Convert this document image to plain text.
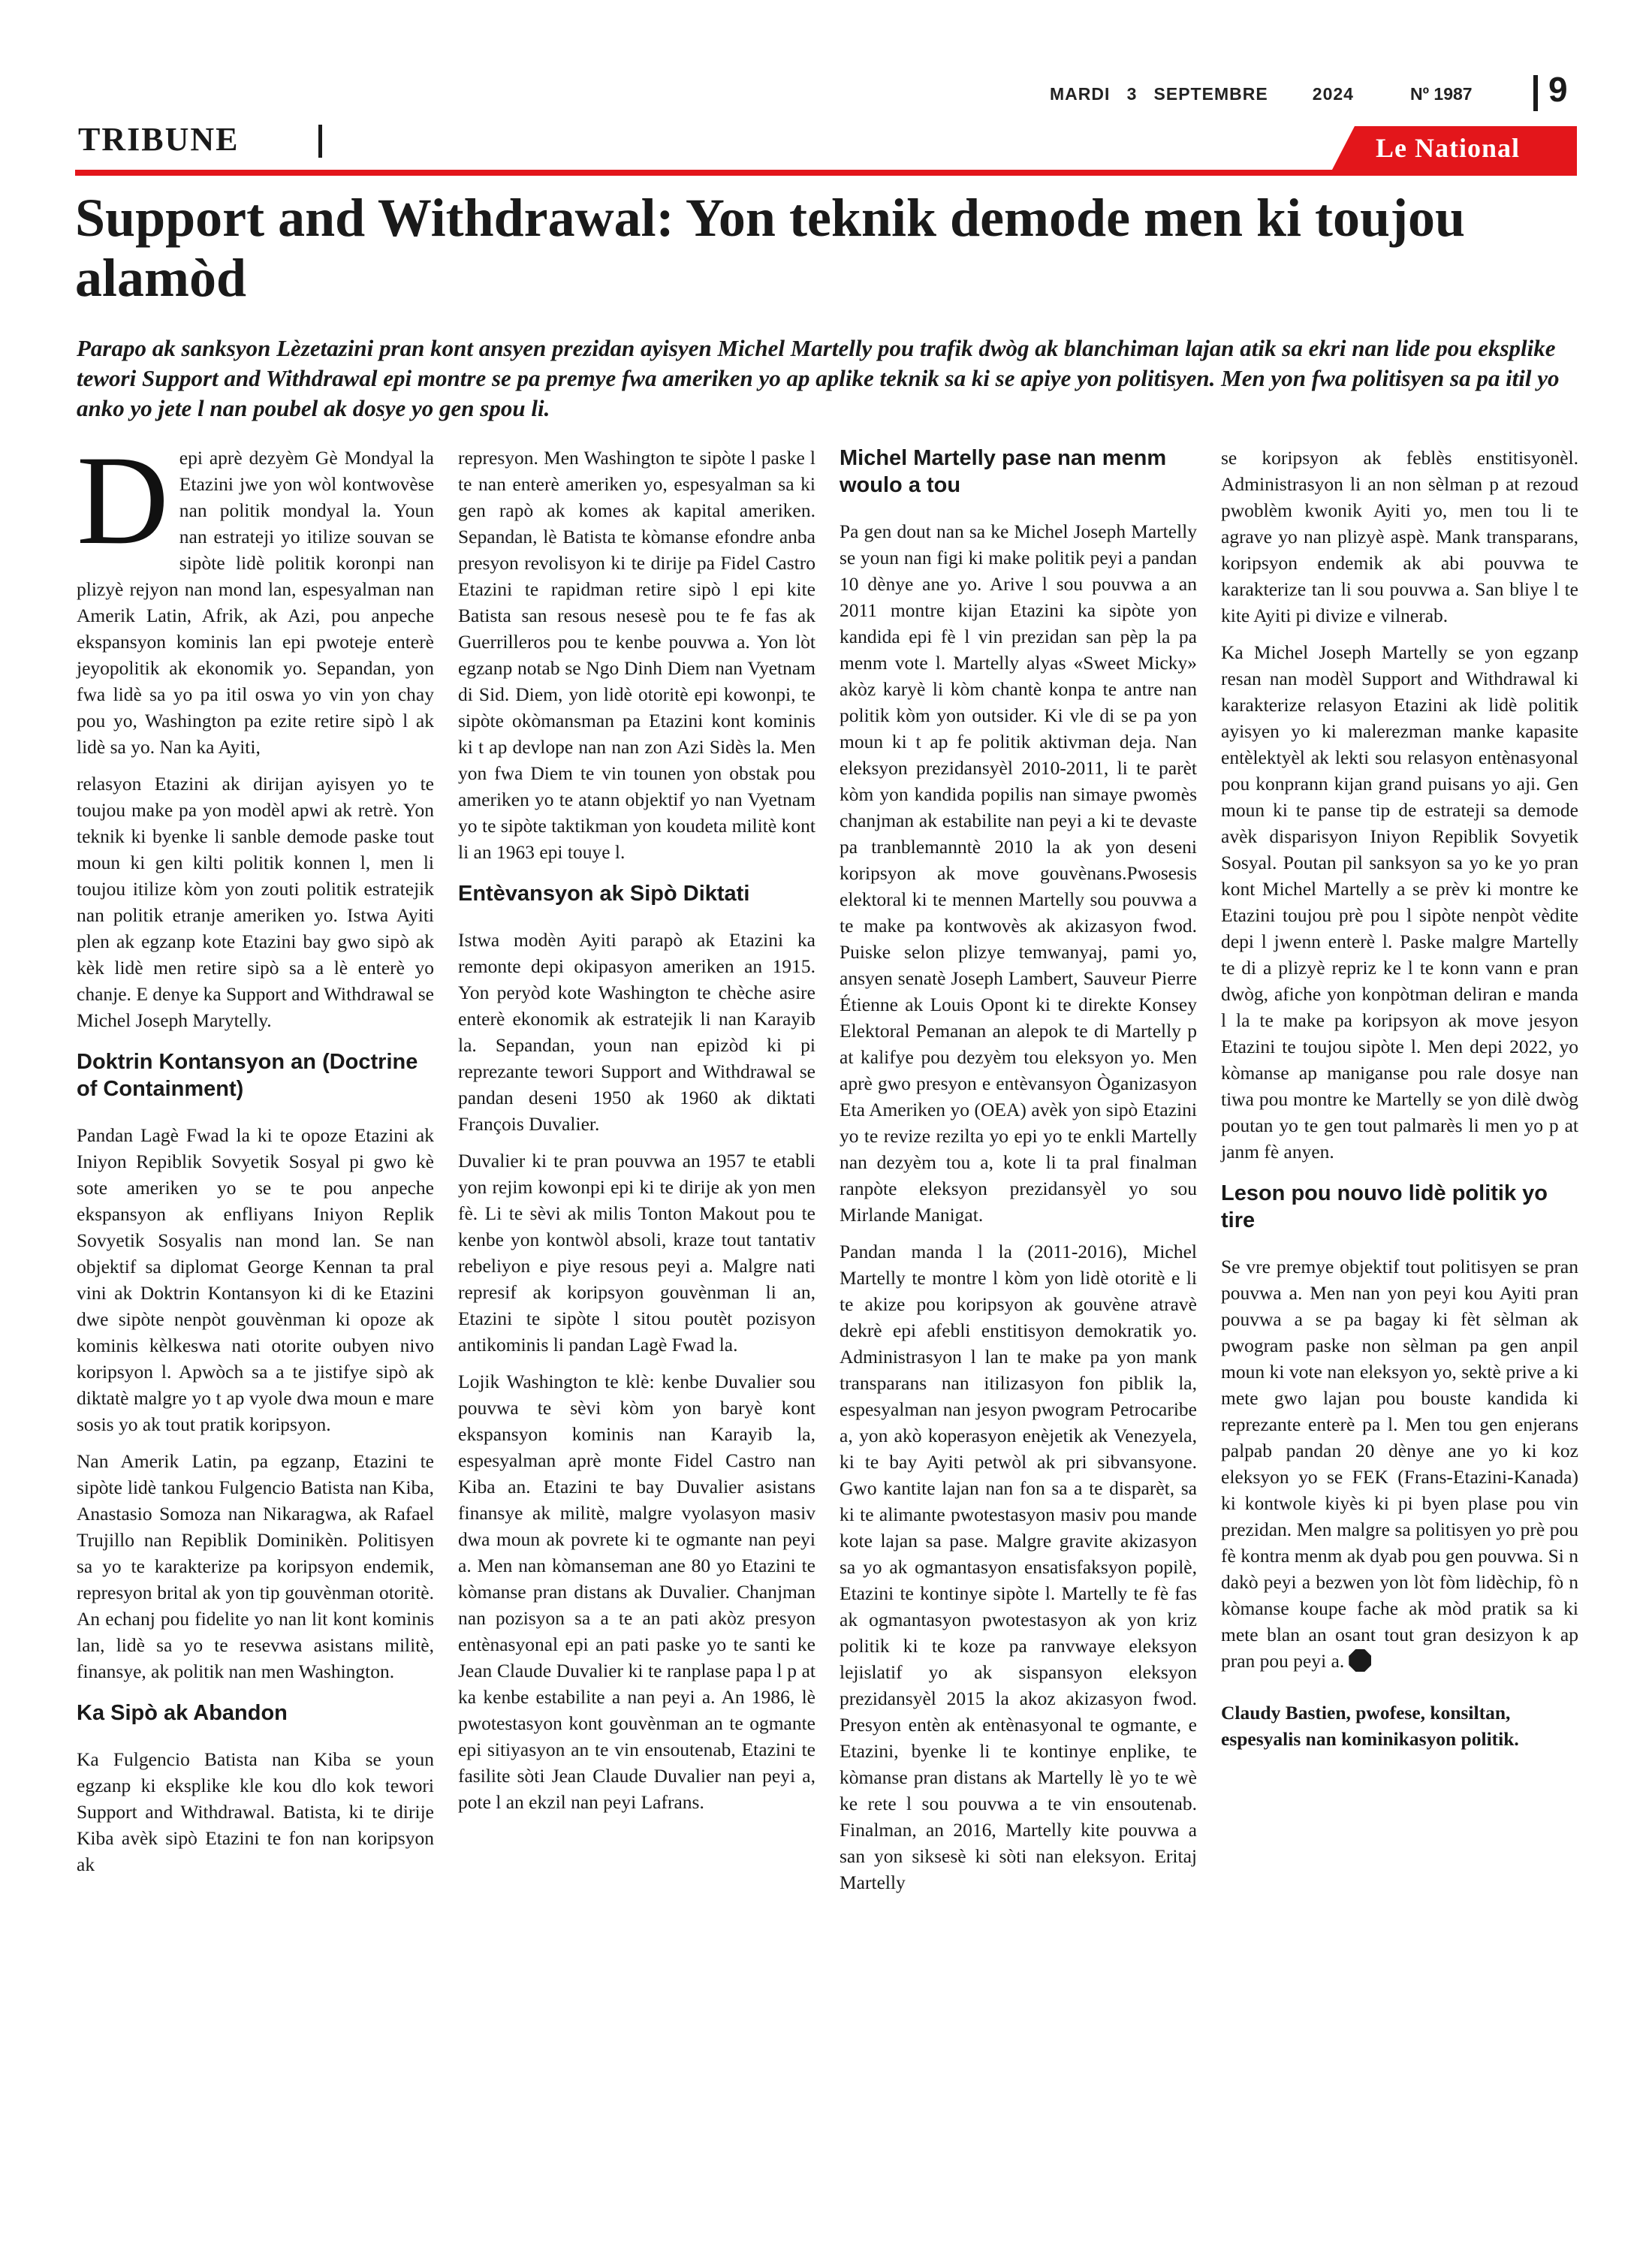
MARDI 3 SEPTEMBRE	2024	Nº 1987 9
TRIBUNE	Le National
Support and Withdrawal: Yon teknik demode men ki toujou alamòd

Parapo ak sanksyon Lèzetazini pran kont ansyen prezidan ayisyen Michel Martelly pou trafik dwòg ak blanchiman lajan atik sa ekri nan lide pou eksplike tewori Support and Withdrawal epi montre se pa premye fwa ameriken yo ap aplike teknik sa ki se apiye yon politisyen. Men yon fwa politisyen sa pa itil yo anko yo jete l nan poubel ak dosye yo gen spou li.

Depi aprè dezyèm Gè Mondyal la Etazini jwe yon wòl kontwovèse nan politik mondyal la. Youn nan estrateji yo itilize souvan se sipòte lidè politik koronpi nan plizyè rejyon nan mond lan, espesyalman nan Amerik Latin, Afrik, ak Azi, pou anpeche ekspansyon kominis lan epi pwoteje enterè jeyopolitik ak ekonomik yo. Sepandan, yon fwa lidè sa yo pa itil oswa yo vin yon chay pou yo, Washington pa ezite retire sipò l ak lidè sa yo. Nan ka Ayiti,

relasyon Etazini ak dirijan ayisyen yo te toujou make pa yon modèl apwi ak retrè. Yon teknik ki byenke li sanble demode paske tout moun ki gen kilti politik konnen l, men li toujou itilize kòm yon zouti politik estratejik nan politik etranje ameriken yo. Istwa Ayiti plen ak egzanp kote Etazini bay gwo sipò ak kèk lidè men retire sipò sa a lè enterè yo chanje. E denye ka Support and Withdrawal se Michel Joseph Marytelly.

Doktrin Kontansyon an (Doctrine of Containment)

Pandan Lagè Fwad la ki te opoze Etazini ak Iniyon Repiblik Sovyetik Sosyal pi gwo kè sote ameriken yo se te pou anpeche ekspansyon ak enfliyans Iniyon Replik Sovyetik Sosyalis nan mond lan. Se nan objektif sa diplomat George Kennan ta pral vini ak Doktrin Kontansyon ki di ke Etazini dwe sipòte nenpòt gouvènman ki opoze ak kominis kèlkeswa nati otorite oubyen nivo koripsyon l. Apwòch sa a te jistifye sipò ak diktatè malgre yo t ap vyole dwa moun e mare sosis yo ak tout pratik koripsyon.

Nan Amerik Latin, pa egzanp, Etazini te sipòte lidè tankou Fulgencio Batista nan Kiba, Anastasio Somoza nan Nikaragwa, ak Rafael Trujillo nan Repiblik Dominikèn. Politisyen sa yo te karakterize pa koripsyon endemik, represyon brital ak yon tip gouvènman otoritè. An echanj pou fidelite yo nan lit kont kominis lan, lidè sa yo te resevwa asistans militè, finansye, ak politik nan men Washington.

Ka Sipò ak Abandon

Ka Fulgencio Batista nan Kiba se youn egzanp ki eksplike kle kou dlo kok tewori Support and Withdrawal. Batista, ki te dirije Kiba avèk sipò Etazini te fon nan koripsyon ak

represyon. Men Washington te sipòte l paske l te nan enterè ameriken yo, espesyalman sa ki gen rapò ak komes ak kapital ameriken. Sepandan, lè Batista te kòmanse efondre anba presyon revolisyon ki te dirije pa Fidel Castro Etazini te rapidman retire sipò l epi kite Batista san resous nesesè pou te fe fas ak Guerrilleros pou te kenbe pouvwa a. Yon lòt egzanp notab se Ngo Dinh Diem nan Vyetnam di Sid. Diem, yon lidè otoritè epi kowonpi, te sipòte okòmansman pa Etazini kont kominis ki t ap devlope nan nan zon Azi Sidès la. Men yon fwa Diem te vin tounen yon obstak pou ameriken yo te atann objektif yo nan Vyetnam yo te sipòte taktikman yon koudeta militè kont li an 1963 epi touye l.

Entèvansyon ak Sipò Diktati

Istwa modèn Ayiti parapò ak Etazini ka remonte depi okipasyon ameriken an 1915. Yon peryòd kote Washington te chèche asire enterè ekonomik ak estratejik li nan Karayib la. Sepandan, youn nan epizòd ki pi reprezante tewori Support and Withdrawal se pandan deseni 1950 ak 1960 ak diktati François Duvalier.

Duvalier ki te pran pouvwa an 1957 te etabli yon rejim kowonpi epi ki te dirije ak yon men fè. Li te sèvi ak milis Tonton Makout pou te kenbe yon kontwòl absoli, kraze tout tantativ rebeliyon e piye resous peyi a. Malgre nati represif ak koripsyon gouvènman li an, Etazini te sipòte l sitou poutèt pozisyon antikominis li pandan Lagè Fwad la.

Lojik Washington te klè: kenbe Duvalier sou pouvwa te sèvi kòm yon baryè kont ekspansyon kominis nan Karayib la, espesyalman aprè monte Fidel Castro nan Kiba an. Etazini te bay Duvalier asistans finansye ak militè, malgre vyolasyon masiv dwa moun ak povrete ki te ogmante nan peyi a. Men nan kòmanseman ane 80 yo Etazini te kòmanse pran distans ak Duvalier. Chanjman nan pozisyon sa a te an pati akòz presyon entènasyonal epi an pati paske yo te santi ke Jean Claude Duvalier ki te ranplase papa l p at ka kenbe estabilite a nan peyi a. An 1986, lè pwotestasyon kont gouvènman an te ogmante epi sitiyasyon an te vin ensoutenab, Etazini te fasilite sòti Jean Claude Duvalier nan peyi a, pote l an ekzil nan peyi Lafrans.

Michel Martelly pase nan menm woulo a tou

Pa gen dout nan sa ke Michel Joseph Martelly se youn nan figi ki make politik peyi a pandan 10 dènye ane yo. Arive l sou pouvwa a an 2011 montre kijan Etazini ka sipòte yon kandida epi fè l vin prezidan san pèp la pa menm vote l. Martelly alyas «Sweet Micky» akòz karyè li kòm chantè konpa te antre nan politik kòm yon outsider. Ki vle di se pa yon moun ki t ap fe politik aktivman deja. Nan eleksyon prezidansyèl 2010-2011, li te parèt kòm yon kandida popilis nan simaye pwomès chanjman ak estabilite nan peyi a ki te devaste pa tranblemanntè 2010 la ak yon deseni koripsyon ak move gouvènans.Pwosesis elektoral ki te mennen Martelly sou pouvwa a te make pa kontwovès ak akizasyon fwod. Puiske selon plizye temwanyaj, pami yo, ansyen senatè Joseph Lambert, Sauveur Pierre Étienne ak Louis Opont ki te direkte Konsey Elektoral Pemanan an alepok te di Martelly p at kalifye pou dezyèm tou eleksyon yo. Men aprè gwo presyon e entèvansyon Òganizasyon Eta Ameriken yo (OEA) avèk yon sipò Etazini yo te revize rezilta yo epi yo te enkli Martelly nan dezyèm tou a, kote li ta pral finalman ranpòte eleksyon prezidansyèl yo sou Mirlande Manigat.

Pandan manda l la (2011-2016), Michel Martelly te montre l kòm yon lidè otoritè e li te akize pou koripsyon ak gouvène atravè dekrè epi afebli enstitisyon demokratik yo. Administrasyon l lan te make pa yon mank transparans nan itilizasyon fon piblik la, espesyalman nan jesyon pwogram Petrocaribe a, yon akò koperasyon enèjetik ak Venezyela, ki te bay Ayiti petwòl ak pri sibvansyone. Gwo kantite lajan nan fon sa a te disparèt, sa ki te alimante pwotestasyon masiv pou mande kote lajan sa pase. Malgre gravite akizasyon sa yo ak ogmantasyon ensatisfaksyon popilè, Etazini te kontinye sipòte l. Martelly te fè fas ak ogmantasyon pwotestasyon ak yon kriz politik ki te koze pa ranvwaye eleksyon lejislatif yo ak sispansyon eleksyon prezidansyèl 2015 la akoz akizasyon fwod. Presyon entèn ak entènasyonal te ogmante, e Etazini, byenke li te kontinye enplike, te kòmanse pran distans ak Martelly lè yo te wè ke rete l sou pouvwa a te vin ensoutenab. Finalman, an 2016, Martelly kite pouvwa a san yon siksesè ki sòti nan eleksyon. Eritaj Martelly

se koripsyon ak feblès enstitisyonèl. Administrasyon li an non sèlman p at rezoud pwoblèm kwonik Ayiti yo, men tou li te agrave yo nan plizyè aspè. Mank transparans, koripsyon endemik ak abi pouvwa te karakterize tan li sou pouvwa a. San bliye l te kite Ayiti pi divize e vilnerab.

Ka Michel Joseph Martelly se yon egzanp resan nan modèl Support and Withdrawal ki karakterize relasyon Etazini ak lidè politik ayisyen yo ki malerezman manke kapasite entèlektyèl ak lekti sou relasyon entènasyonal pou konprann kijan grand puisans yo aji. Gen moun ki te panse tip de estrateji sa demode avèk disparisyon Iniyon Repiblik Sovyetik Sosyal. Poutan pil sanksyon sa yo ke yo pran kont Michel Martelly a se prèv ki montre ke Etazini toujou prè pou l sipòte nenpòt vèdite depi l jwenn enterè l. Paske malgre Martelly te di a plizyè repriz ke l te konn vann e pran dwòg, afiche yon konpòtman deliran e manda l la te make pa koripsyon ak move jesyon Etazini te toujou sipòte l. Men depi 2022, yo kòmanse ap maniganse pou rale dosye nan tiwa pou montre ke Martelly se yon dilè dwòg poutan yo te gen tout palmarès li men yo p at janm fè anyen.

Leson pou nouvo lidè politik yo tire

Se vre premye objektif tout politisyen se pran pouvwa a. Men nan yon peyi kou Ayiti pran pouvwa a se pa bagay ki fèt sèlman ak pwogram paske non sèlman pa gen anpil moun ki vote nan eleksyon yo, sektè prive a ki mete gwo lajan pou bouste kandida ki reprezante enterè pa l. Men tou gen enjerans palpab pandan 20 dènye ane yo ki koz eleksyon yo se FEK (Frans-Etazini-Kanada) ki kontwole kiyès ki pi byen plase pou vin prezidan. Men malgre sa politisyen yo prè pou fè kontra menm ak dyab pou gen pouvwa. Si n dakò peyi a bezwen yon lòt fòm lidèchip, fò n kòmanse koupe fache ak mòd pratik sa ki mete blan an osant tout gran desizyon k ap pran pou peyi a.

Claudy Bastien, pwofese, konsiltan, espesyalis nan kominikasyon politik.
